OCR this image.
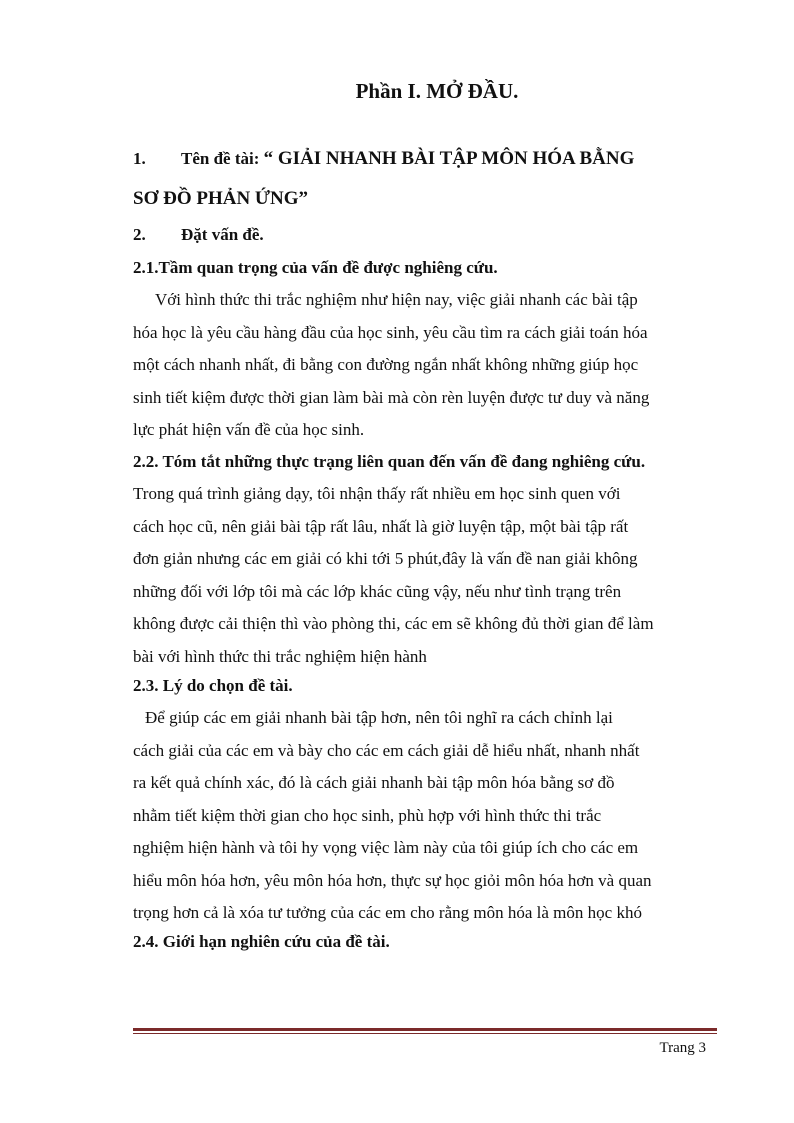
Phần I. MỞ ĐẦU.
1. Tên đề tài: “ GIẢI NHANH BÀI TẬP MÔN HÓA BẰNG
SƠ ĐỒ PHẢN ỨNG”
2. Đặt vấn đề.
2.1.Tầm quan trọng của vấn đề được nghiêng cứu.
Với hình thức thi trắc nghiệm như hiện nay, việc giải nhanh các bài tập
hóa học là yêu cầu hàng đầu của học sinh, yêu cầu tìm ra cách giải toán hóa
một cách nhanh nhất, đi bằng con đường ngắn nhất không những giúp học
sinh tiết kiệm được thời gian làm bài mà còn rèn luyện được tư duy và năng
lực phát hiện vấn đề của học sinh.
2.2. Tóm tắt những thực trạng liên quan đến vấn đề đang nghiêng cứu.
Trong quá trình giảng dạy, tôi nhận thấy rất nhiều em học sinh quen với
cách học cũ, nên giải bài tập rất lâu, nhất là giờ luyện tập, một bài tập rất
đơn giản nhưng các em giải có khi tới 5 phút,đây là vấn đề nan giải không
những đối với lớp tôi mà các lớp khác cũng vậy, nếu như tình trạng trên
không được cải thiện thì vào phòng thi, các em sẽ không đủ thời gian để làm
bài với hình thức thi trắc nghiệm hiện hành
2.3. Lý do chọn đề tài.
Để giúp các em giải nhanh bài tập hơn, nên tôi nghĩ ra cách chỉnh lại
cách giải của các em và bày cho các em cách giải dễ hiểu nhất, nhanh nhất
ra kết quả chính xác, đó là cách giải nhanh bài tập môn hóa bằng sơ đồ
nhằm tiết kiệm thời gian cho học sinh, phù hợp với hình thức thi trắc
nghiệm hiện hành và tôi hy vọng việc làm này của tôi giúp ích cho các em
hiểu môn hóa hơn, yêu môn hóa hơn, thực sự học giỏi môn hóa hơn và quan
trọng hơn cả là xóa tư tưởng của các em cho rằng môn hóa là môn học khó
2.4. Giới hạn nghiên cứu của đề tài.
Trang 3
